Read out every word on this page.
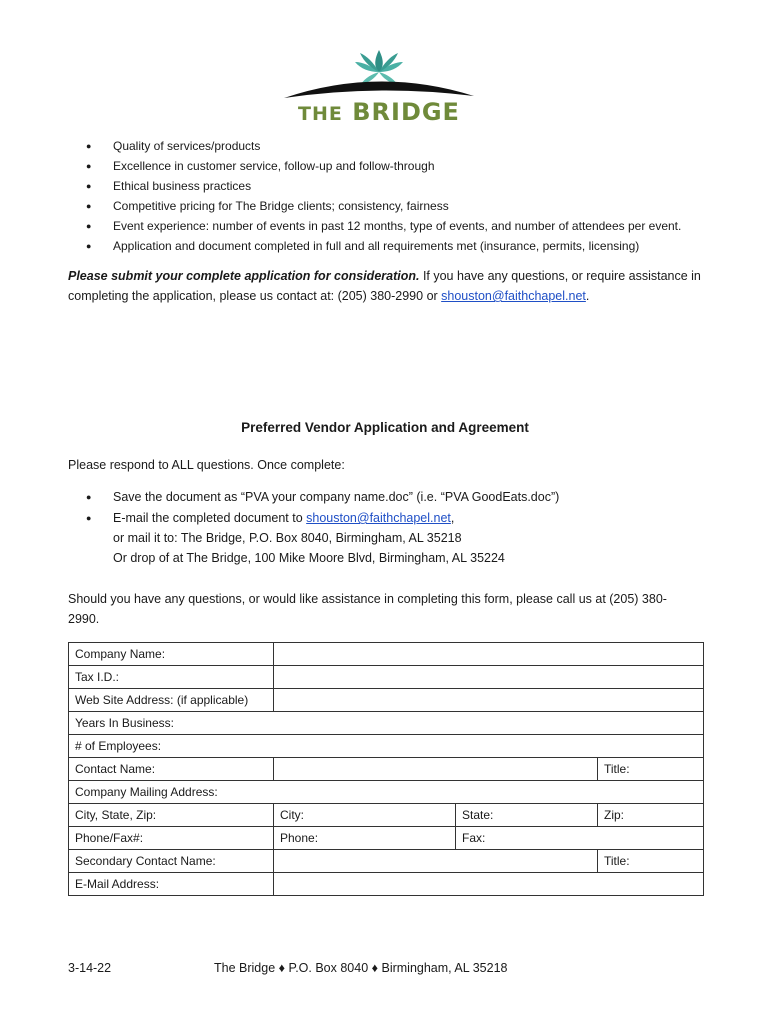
THE BRIDGE
● Quality of services/products
● Excellence in customer service, follow-up and follow-through
● Ethical business practices
● Competitive pricing for The Bridge clients; consistency, fairness
● Event experience: number of events in past 12 months, type of events, and number of attendees per event.
● Application and document completed in full and all requirements met (insurance, permits, licensing)
Please submit your complete application for consideration. If you have any questions, or require assistance in
completing the application, please us contact at: (205) 380-2990 or shouston@faithchapel.net.
Preferred Vendor Application and Agreement
Please respond to ALL questions. Once complete:
● Save the document as “PVA your company name.doc” (i.e. “PVA GoodEats.doc”)
● E-mail the completed document to shouston@faithchapel.net,
or mail it to: The Bridge, P.O. Box 8040, Birmingham, AL 35218
Or drop of at The Bridge, 100 Mike Moore Blvd, Birmingham, AL 35224
Should you have any questions, or would like assistance in completing this form, please call us at (205) 380-
2990.
Company Name:			
Tax I.D.:			
Web Site Address: (if applicable)			
Years In Business:			
# of Employees:			
Contact Name:			Title:
Company Mailing Address:			
City, State, Zip:	City:	State:	Zip:
Phone/Fax#:	Phone:	Fax:	
Secondary Contact Name:			Title:
E-Mail Address:			
3-14-22	The Bridge ♦ P.O. Box 8040 ♦ Birmingham, AL 35218
